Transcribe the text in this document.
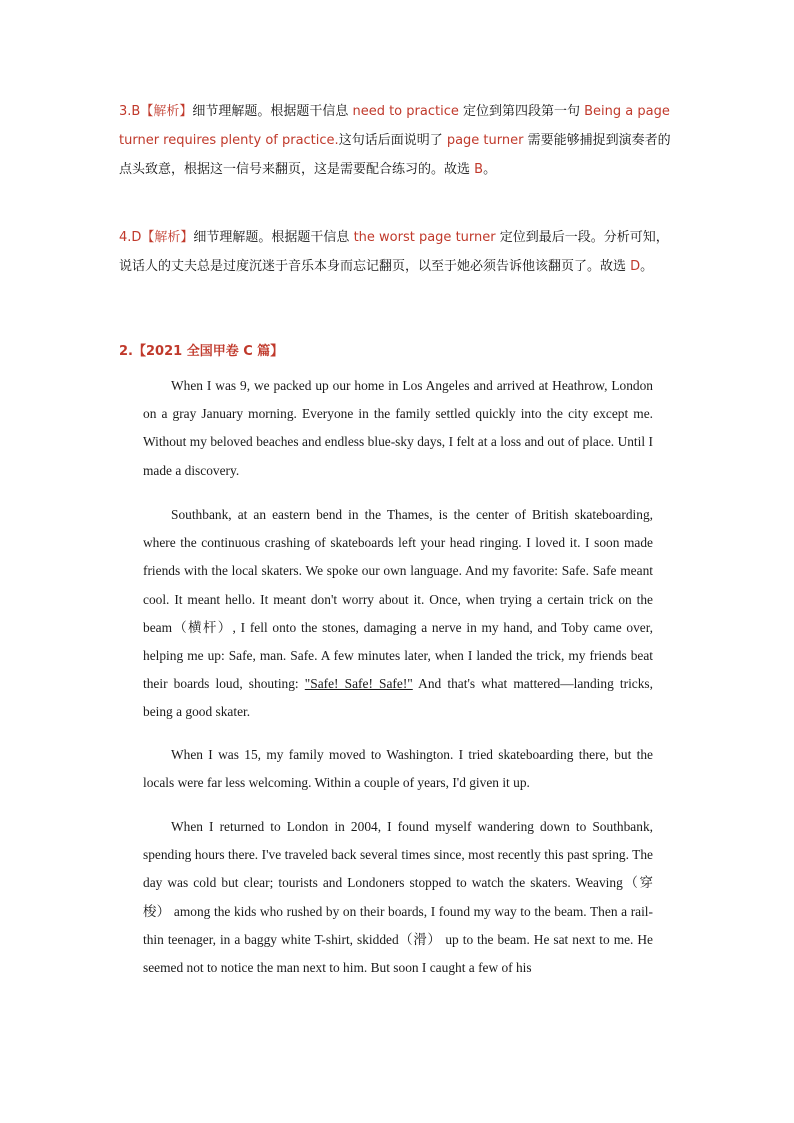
3.B【解析】细节理解题。根据题干信息 need to practice 定位到第四段第一句 Being a page turner requires plenty of practice.这句话后面说明了 page turner 需要能够捕捉到演奏者的点头致意，根据这一信号来翻页，这是需要配合练习的。故选 B。

4.D【解析】细节理解题。根据题干信息 the worst page turner 定位到最后一段。分析可知，说话人的丈夫总是过度沉迷于音乐本身而忘记翻页，以至于她必须告诉他该翻页了。故选 D。

2.【2021 全国甲卷 C 篇】

When I was 9, we packed up our home in Los Angeles and arrived at Heathrow, London on a gray January morning. Everyone in the family settled quickly into the city except me. Without my beloved beaches and endless blue-sky days, I felt at a loss and out of place. Until I made a discovery.

Southbank, at an eastern bend in the Thames, is the center of British skateboarding, where the continuous crashing of skateboards left your head ringing. I loved it. I soon made friends with the local skaters. We spoke our own language. And my favorite: Safe. Safe meant cool. It meant hello. It meant don't worry about it. Once, when trying a certain trick on the beam（横杆）, I fell onto the stones, damaging a nerve in my hand, and Toby came over, helping me up: Safe, man. Safe. A few minutes later, when I landed the trick, my friends beat their boards loud, shouting: "Safe! Safe! Safe!" And that's what mattered—landing tricks, being a good skater.

When I was 15, my family moved to Washington. I tried skateboarding there, but the locals were far less welcoming. Within a couple of years, I'd given it up.

When I returned to London in 2004, I found myself wandering down to Southbank, spending hours there. I've traveled back several times since, most recently this past spring. The day was cold but clear; tourists and Londoners stopped to watch the skaters. Weaving（穿梭） among the kids who rushed by on their boards, I found my way to the beam. Then a rail-thin teenager, in a baggy white T-shirt, skidded（滑） up to the beam. He sat next to me. He seemed not to notice the man next to him. But soon I caught a few of his
